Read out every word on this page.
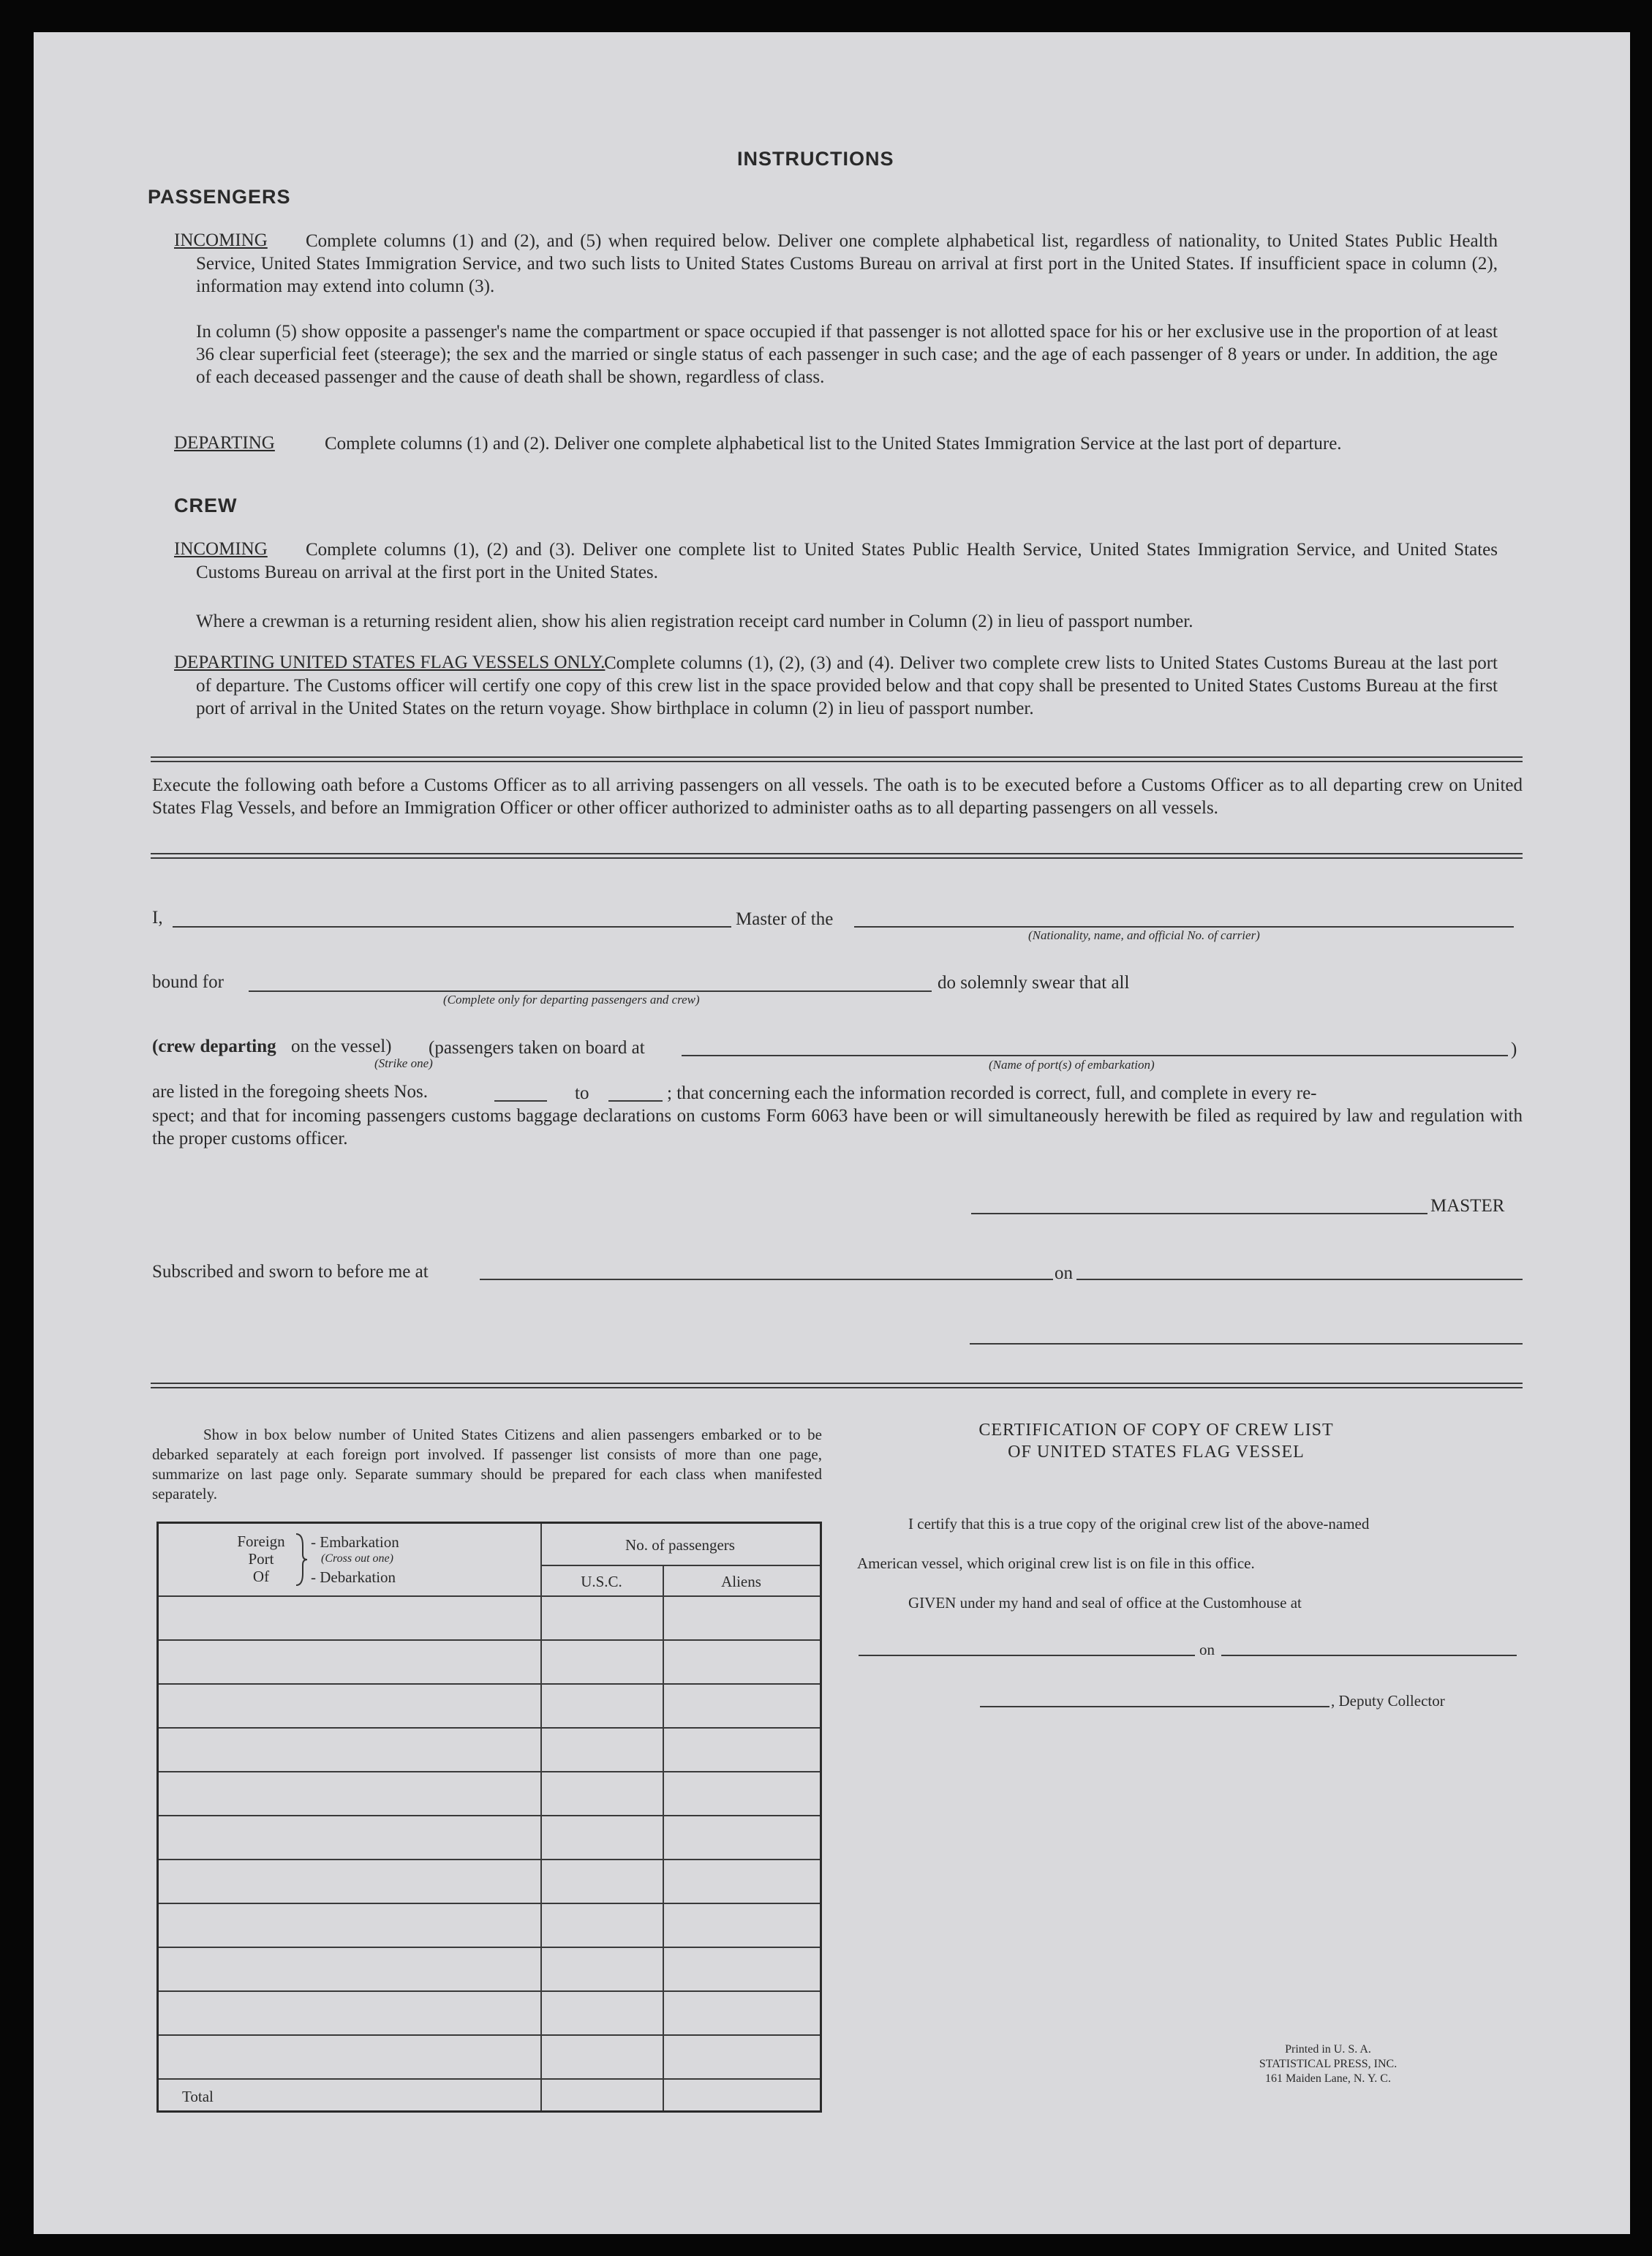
INSTRUCTIONS
PASSENGERS
INCOMING	Complete columns (1) and (2), and (5) when required below. Deliver one complete alphabetical list, regardless of nationality, to United States Public Health Service, United States Immigration Service, and two such lists to United States Customs Bureau on arrival at first port in the United States. If insufficient space in column (2), information may extend into column (3).
In column (5) show opposite a passenger's name the compartment or space occupied if that passenger is not allotted space for his or her exclusive use in the proportion of at least 36 clear superficial feet (steerage); the sex and the married or single status of each passenger in such case; and the age of each passenger of 8 years or under. In addition, the age of each deceased passenger and the cause of death shall be shown, regardless of class.
DEPARTING	Complete columns (1) and (2). Deliver one complete alphabetical list to the United States Immigration Service at the last port of departure.
CREW
INCOMING	Complete columns (1), (2) and (3). Deliver one complete list to United States Public Health Service, United States Immigration Service, and United States Customs Bureau on arrival at the first port in the United States.
Where a crewman is a returning resident alien, show his alien registration receipt card number in Column (2) in lieu of passport number.
DEPARTING UNITED STATES FLAG VESSELS ONLY.
Complete columns (1), (2), (3) and (4). Deliver two complete crew lists to United States Customs Bureau at the last port of departure. The Customs officer will certify one copy of this crew list in the space provided below and that copy shall be presented to United States Customs Bureau at the first port of arrival in the United States on the return voyage. Show birthplace in column (2) in lieu of passport number.
Execute the following oath before a Customs Officer as to all arriving passengers on all vessels. The oath is to be executed before a Customs Officer as to all departing crew on United States Flag Vessels, and before an Immigration Officer or other officer authorized to administer oaths as to all departing passengers on all vessels.
I,	Master of the
(Nationality, name, and official No. of carrier)
bound for
(Complete only for departing passengers and crew)
do solemnly swear that all
(crew departing on the vessel) (passengers taken on board at	)
(Strike one)	(Name of port(s) of embarkation)
are listed in the foregoing sheets Nos.	to	; that concerning each the information recorded is correct, full, and complete in every re-
spect; and that for incoming passengers customs baggage declarations on customs Form 6063 have been or will simultaneously herewith be filed as required by law and regulation with the proper customs officer.
MASTER
Subscribed and sworn to before me at	on
Show in box below number of United States Citizens and alien passengers embarked or to be debarked separately at each foreign port involved. If passenger list consists of more than one page, summarize on last page only. Separate summary should be prepared for each class when manifested separately.
Foreign
Port
Of
- Embarkation
(Cross out one)
- Debarkation
No. of passengers
U.S.C.	Aliens
Total
CERTIFICATION OF COPY OF CREW LIST
OF UNITED STATES FLAG VESSEL
I certify that this is a true copy of the original crew list of the above-named
American vessel, which original crew list is on file in this office.
GIVEN under my hand and seal of office at the Customhouse at
on
, Deputy Collector
Printed in U. S. A.
STATISTICAL PRESS, INC.
161 Maiden Lane, N. Y. C.
